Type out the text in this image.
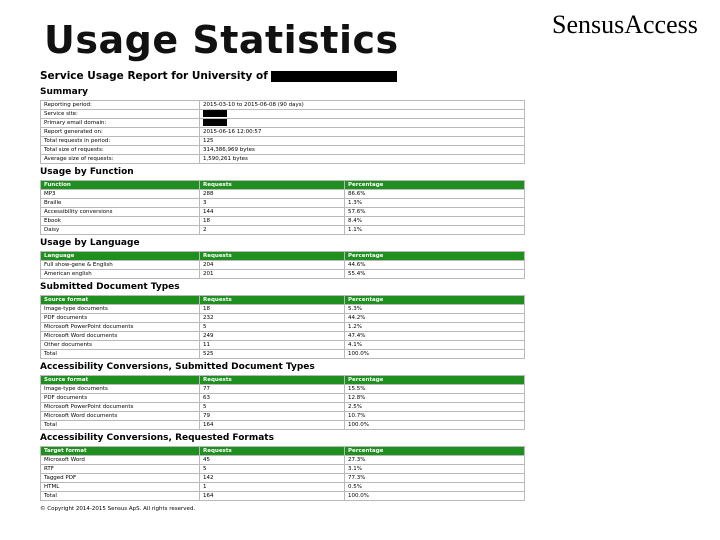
Usage Statistics	SensusAccess
Service Usage Report for University of
Summary
Reporting period:	2015-03-10 to 2015-06-08 (90 days)
Service site:	
Primary email domain:	
Report generated on:	2015-06-16 12:00:57
Total requests in period:	125
Total size of requests:	314,386,969 bytes
Average size of requests:	1,590,261 bytes
Usage by Function
Function	Requests	Percentage
MP3	288	86.6%
Braille	3	1.3%
Accessibility conversions	144	57.6%
Ebook	18	8.4%
Daisy	2	1.1%
Usage by Language
Language	Requests	Percentage
Full show-gene & English	204	44.6%
American english	201	55.4%
Submitted Document Types
Source format	Requests	Percentage
Image-type documents	18	5.3%
PDF documents	232	44.2%
Microsoft PowerPoint documents	5	1.2%
Microsoft Word documents	249	47.4%
Other documents	11	4.1%
Total	525	100.0%
Accessibility Conversions, Submitted Document Types
Source format	Requests	Percentage
Image-type documents	77	15.5%
PDF documents	63	12.8%
Microsoft PowerPoint documents	5	2.5%
Microsoft Word documents	79	10.7%
Total	164	100.0%
Accessibility Conversions, Requested Formats
Target format	Requests	Percentage
Microsoft Word	45	27.3%
RTF	5	3.1%
Tagged PDF	142	77.3%
HTML	1	0.5%
Total	164	100.0%
© Copyright 2014-2015 Sensus ApS. All rights reserved.
